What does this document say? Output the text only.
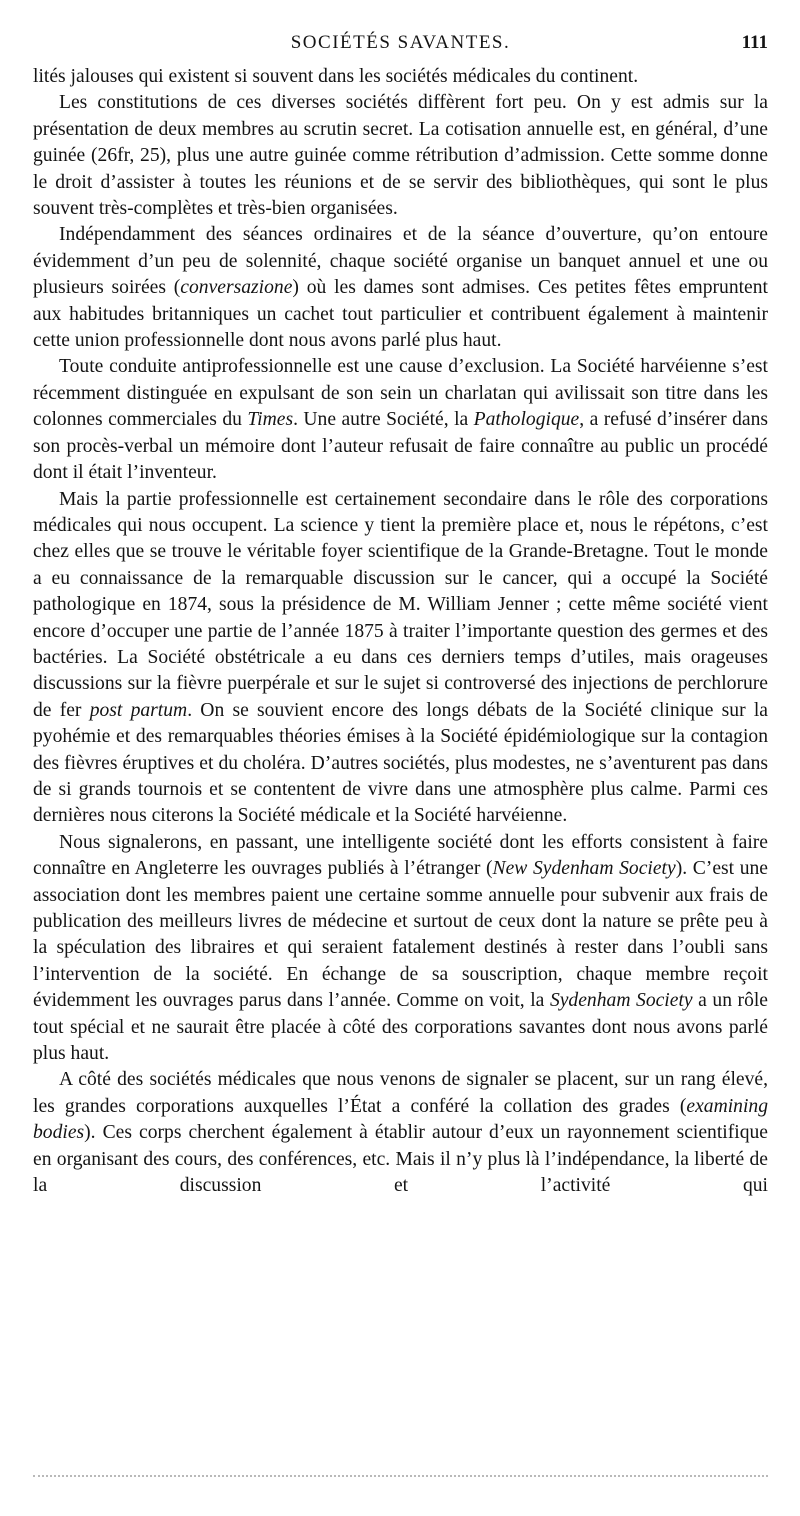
SOCIÉTÉS SAVANTES.	111

lités jalouses qui existent si souvent dans les sociétés médicales du continent.

Les constitutions de ces diverses sociétés diffèrent fort peu. On y est admis sur la présentation de deux membres au scrutin secret. La cotisation annuelle est, en général, d’une guinée (26fr, 25), plus une autre guinée comme rétribution d’admission. Cette somme donne le droit d’assister à toutes les réunions et de se servir des bibliothèques, qui sont le plus souvent très-complètes et très-bien organisées.

Indépendamment des séances ordinaires et de la séance d’ouverture, qu’on entoure évidemment d’un peu de solennité, chaque société organise un banquet annuel et une ou plusieurs soirées (conversazione) où les dames sont admises. Ces petites fêtes empruntent aux habitudes britanniques un cachet tout particulier et contribuent également à maintenir cette union professionnelle dont nous avons parlé plus haut.

Toute conduite antiprofessionnelle est une cause d’exclusion. La Société harvéienne s’est récemment distinguée en expulsant de son sein un charlatan qui avilissait son titre dans les colonnes commerciales du Times. Une autre Société, la Pathologique, a refusé d’insérer dans son procès-verbal un mémoire dont l’auteur refusait de faire connaître au public un procédé dont il était l’inventeur.

Mais la partie professionnelle est certainement secondaire dans le rôle des corporations médicales qui nous occupent. La science y tient la première place et, nous le répétons, c’est chez elles que se trouve le véritable foyer scientifique de la Grande-Bretagne. Tout le monde a eu connaissance de la remarquable discussion sur le cancer, qui a occupé la Société pathologique en 1874, sous la présidence de M. William Jenner ; cette même société vient encore d’occuper une partie de l’année 1875 à traiter l’importante question des germes et des bactéries. La Société obstétricale a eu dans ces derniers temps d’utiles, mais orageuses discussions sur la fièvre puerpérale et sur le sujet si controversé des injections de perchlorure de fer post partum. On se souvient encore des longs débats de la Société clinique sur la pyohémie et des remarquables théories émises à la Société épidémiologique sur la contagion des fièvres éruptives et du choléra. D’autres sociétés, plus modestes, ne s’aventurent pas dans de si grands tournois et se contentent de vivre dans une atmosphère plus calme. Parmi ces dernières nous citerons la Société médicale et la Société harvéienne.

Nous signalerons, en passant, une intelligente société dont les efforts consistent à faire connaître en Angleterre les ouvrages publiés à l’étranger (New Sydenham Society). C’est une association dont les membres paient une certaine somme annuelle pour subvenir aux frais de publication des meilleurs livres de médecine et surtout de ceux dont la nature se prête peu à la spéculation des libraires et qui seraient fatalement destinés à rester dans l’oubli sans l’intervention de la société. En échange de sa souscription, chaque membre reçoit évidemment les ouvrages parus dans l’année. Comme on voit, la Sydenham Society a un rôle tout spécial et ne saurait être placée à côté des corporations savantes dont nous avons parlé plus haut.

A côté des sociétés médicales que nous venons de signaler se placent, sur un rang élevé, les grandes corporations auxquelles l’État a conféré la collation des grades (examining bodies). Ces corps cherchent également à établir autour d’eux un rayonnement scientifique en organisant des cours, des conférences, etc. Mais il n’y plus là l’indépendance, la liberté de la discussion et l’activité qui
